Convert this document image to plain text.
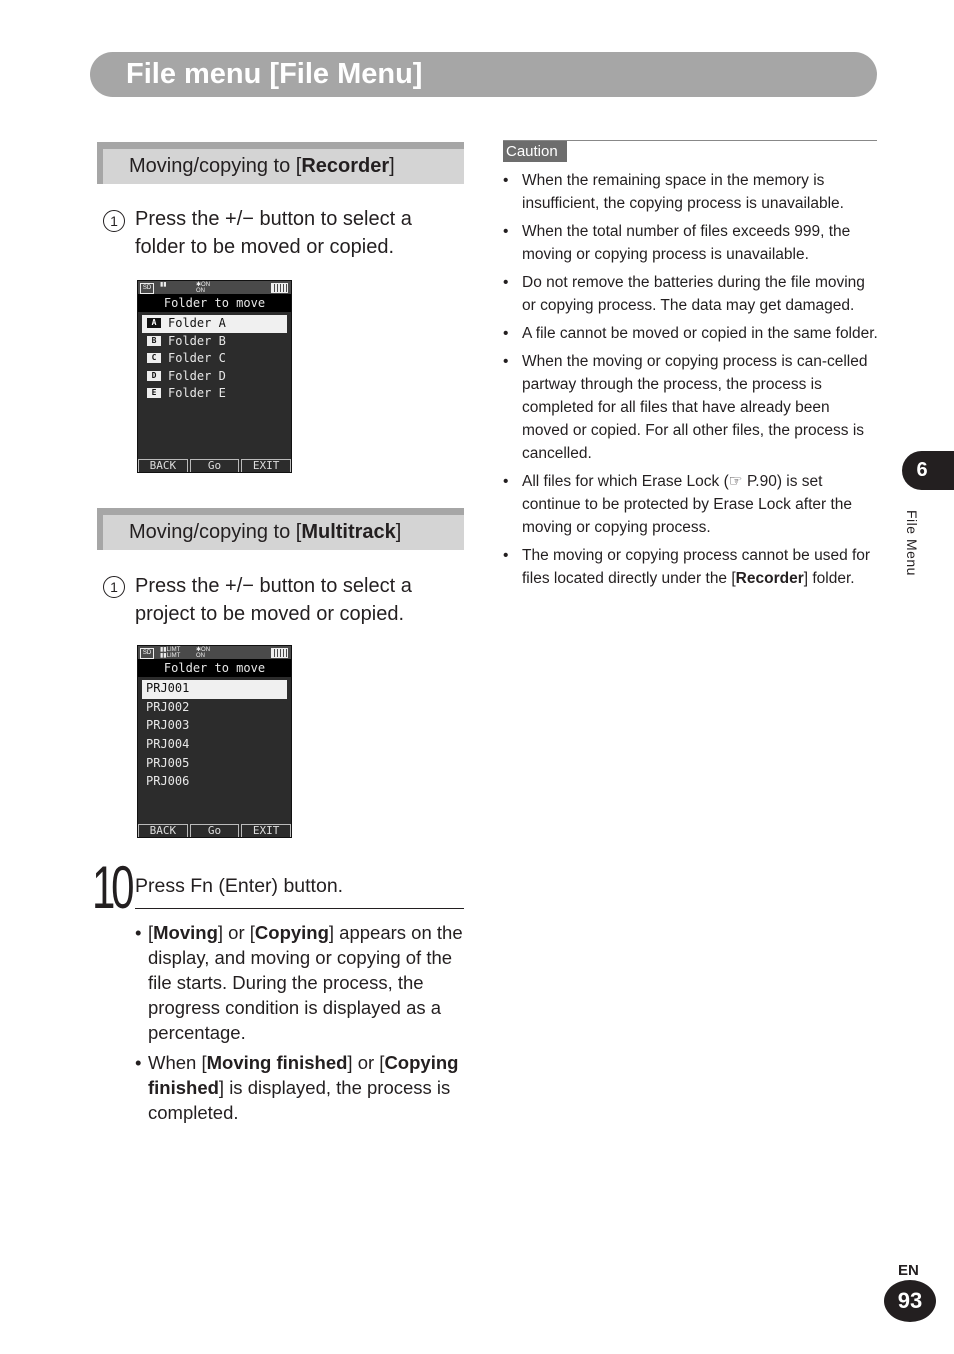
File menu [File Menu]
Moving/copying to [Recorder]
1 Press the +/− button to select a
folder to be moved or copied.
SD	▮▮	✱ON
ON
Folder to move
A Folder A
B Folder B
C Folder C
D Folder D
E Folder E
BACK	Go	EXIT
Moving/copying to [Multitrack]
1 Press the +/− button to select a
project to be moved or copied.
SD	▮▮LIMT
▮▮LIMT
✱ON
ON
Folder to move
PRJ001
PRJ002
PRJ003
PRJ004
PRJ005
PRJ006
BACK	Go	EXIT
10 Press Fn (Enter) button.
• [Moving] or [Copying] appears on the display, and moving or copying of the file starts. During the process, the progress condition is displayed as a percentage.
• When [Moving finished] or [Copying finished] is displayed, the process is completed.
Caution
• When the remaining space in the memory is insufficient, the copying process is unavailable.
• When the total number of files exceeds 999, the moving or copying process is unavailable.
• Do not remove the batteries during the file moving or copying process. The data may get damaged.
• A file cannot be moved or copied in the same folder.
• When the moving or copying process is can-celled partway through the process, the process is completed for all files that have already been moved or copied. For all other files, the process is cancelled.
• All files for which Erase Lock (☞ P.90) is set continue to be protected by Erase Lock after the moving or copying process.
• The moving or copying process cannot be used for files located directly under the [Recorder] folder.
6
File Menu
EN
93
